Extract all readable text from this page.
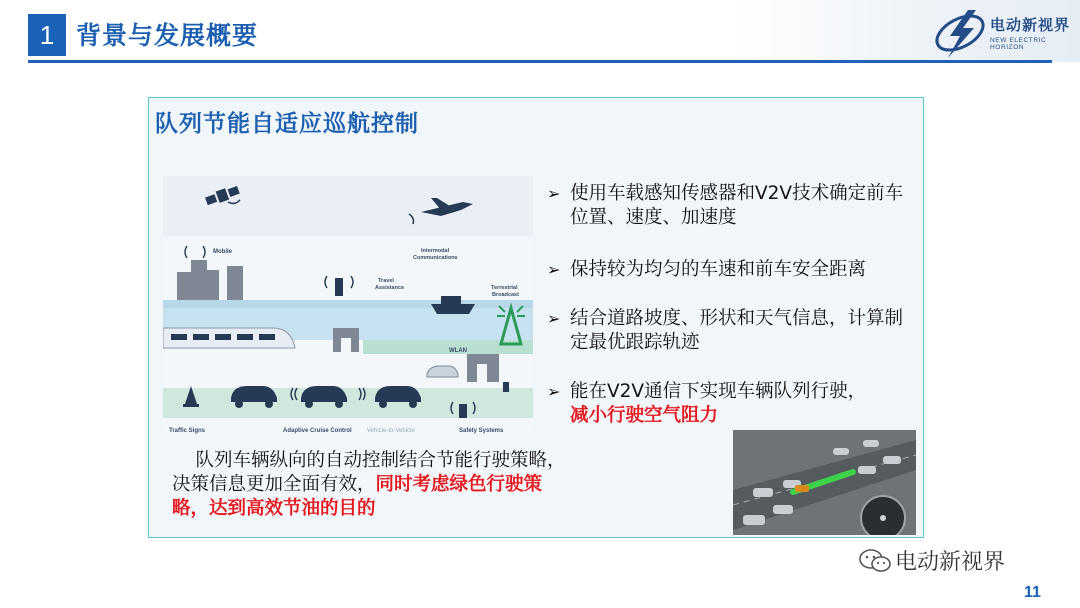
1 背景与发展概要	电动新视界
NEW ELECTRIC HORIZON
队列节能自适应巡航控制
Mobile
Travel
Assistance
Intermodal
Communications
Terrestrial
Broadcast
WLAN
Traffic Signs	Adaptive Cruise Control	Vehicle-to-Vehicle	Safety Systems
➢ 使用车载感知传感器和V2V技术确定前车位置、速度、加速度
➢ 保持较为均匀的车速和前车安全距离
➢ 结合道路坡度、形状和天气信息，计算制定最优跟踪轨迹
➢ 能在V2V通信下实现车辆队列行驶，
减小行驶空气阻力
队列车辆纵向的自动控制结合节能行驶策略，决策信息更加全面有效，同时考虑绿色行驶策略，达到高效节油的目的
电动新视界
11
